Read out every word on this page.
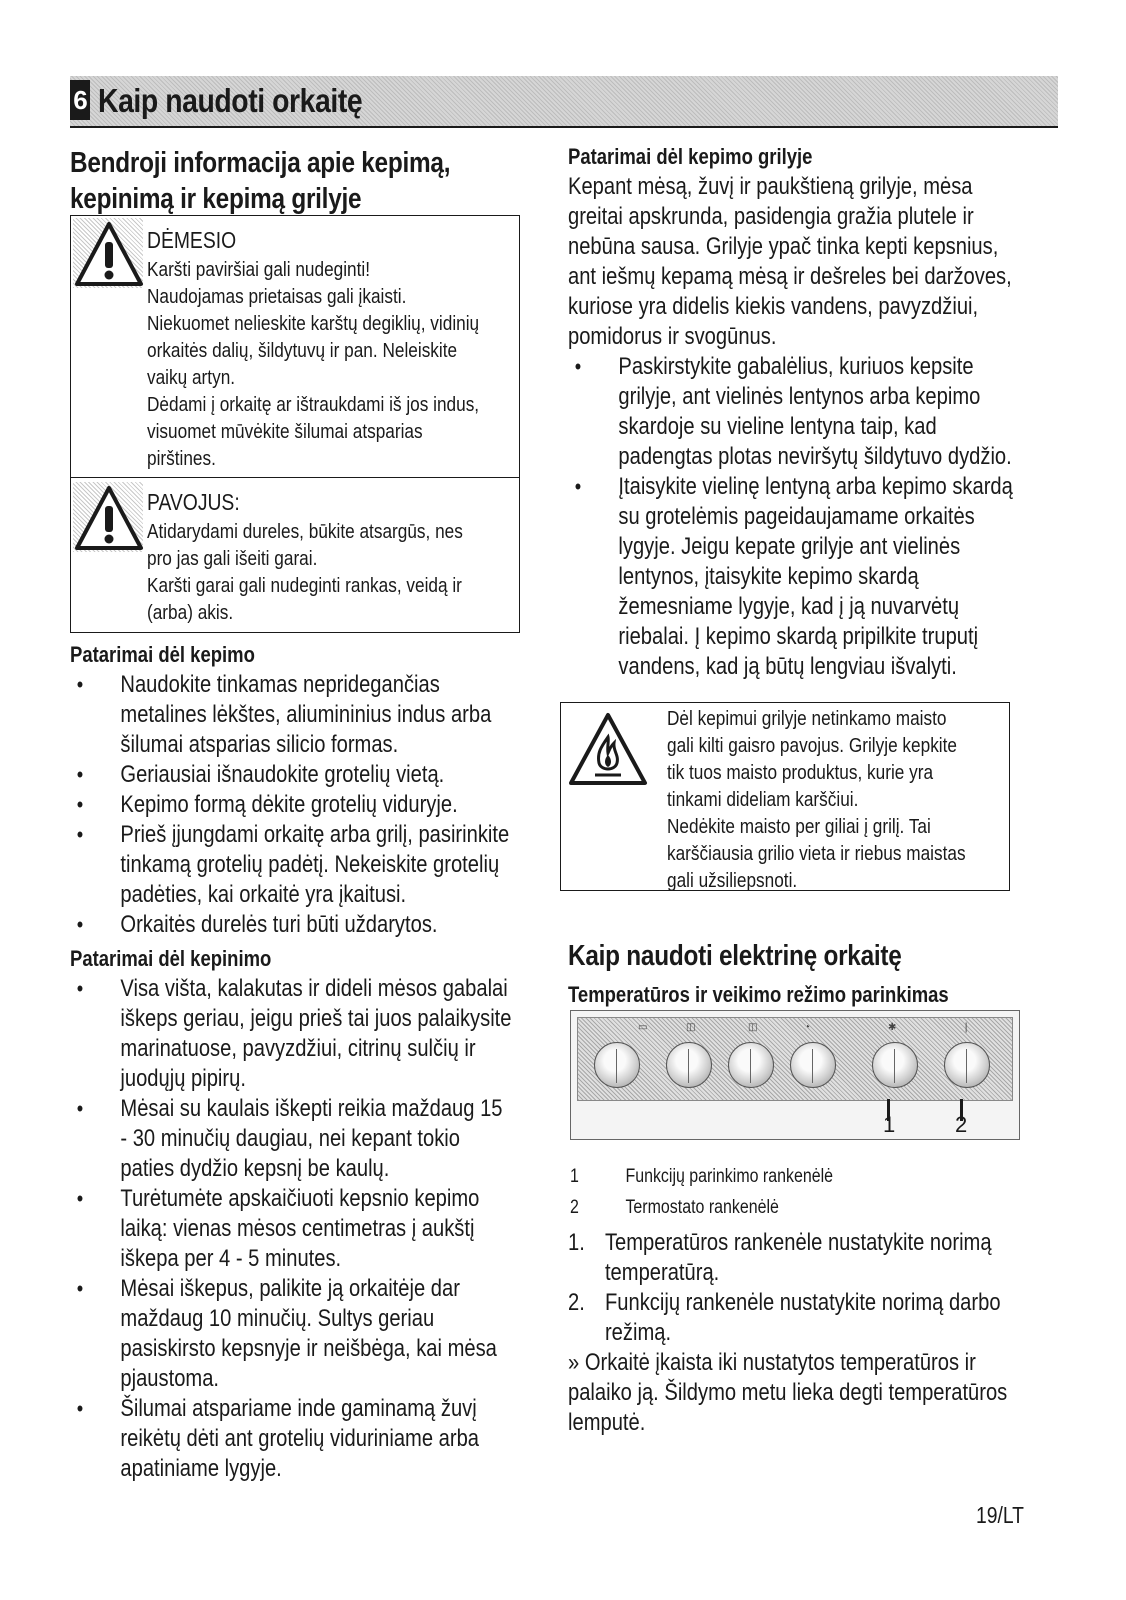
6 Kaip naudoti orkaitę
Bendroji informacija apie kepimą, kepinimą ir kepimą grilyje
DĖMESIO
Karšti paviršiai gali nudeginti!
Naudojamas prietaisas gali įkaisti.
Niekuomet nelieskite karštų degiklių, vidinių
orkaitės dalių, šildytuvų ir pan. Neleiskite
vaikų artyn.
Dėdami į orkaitę ar ištraukdami iš jos indus,
visuomet mūvėkite šilumai atsparias
pirštines.
PAVOJUS:
Atidarydami dureles, būkite atsargūs, nes
pro jas gali išeiti garai.
Karšti garai gali nudeginti rankas, veidą ir
(arba) akis.
Patarimai dėl kepimo
• Naudokite tinkamas nepridegančias
metalines lėkštes, aliumininius indus arba
šilumai atsparias silicio formas.
• Geriausiai išnaudokite grotelių vietą.
• Kepimo formą dėkite grotelių viduryje.
• Prieš įjungdami orkaitę arba grilį, pasirinkite
tinkamą grotelių padėtį. Nekeiskite grotelių
padėties, kai orkaitė yra įkaitusi.
• Orkaitės durelės turi būti uždarytos.
Patarimai dėl kepinimo
• Visa višta, kalakutas ir dideli mėsos gabalai
iškeps geriau, jeigu prieš tai juos palaikysite
marinatuose, pavyzdžiui, citrinų sulčių ir
juodųjų pipirų.
• Mėsai su kaulais iškepti reikia maždaug 15
- 30 minučių daugiau, nei kepant tokio
paties dydžio kepsnį be kaulų.
• Turėtumėte apskaičiuoti kepsnio kepimo
laiką: vienas mėsos centimetras į aukštį
iškepa per 4 - 5 minutes.
• Mėsai iškepus, palikite ją orkaitėje dar
maždaug 10 minučių. Sultys geriau
pasiskirsto kepsnyje ir neišbėga, kai mėsa
pjaustoma.
• Šilumai atspariame inde gaminamą žuvį
reikėtų dėti ant grotelių viduriniame arba
apatiniame lygyje.
Patarimai dėl kepimo grilyje
Kepant mėsą, žuvį ir paukštieną grilyje, mėsa
greitai apskrunda, pasidengia gražia plutele ir
nebūna sausa. Grilyje ypač tinka kepti kepsnius,
ant iešmų kepamą mėsą ir dešreles bei daržoves,
kuriose yra didelis kiekis vandens, pavyzdžiui,
pomidorus ir svogūnus.
• Paskirstykite gabalėlius, kuriuos kepsite
grilyje, ant vielinės lentynos arba kepimo
skardoje su vieline lentyna taip, kad
padengtas plotas neviršytų šildytuvo dydžio.
• Įtaisykite vielinę lentyną arba kepimo skardą
su grotelėmis pageidaujamame orkaitės
lygyje. Jeigu kepate grilyje ant vielinės
lentynos, įtaisykite kepimo skardą
žemesniame lygyje, kad į ją nuvarvėtų
riebalai. Į kepimo skardą pripilkite truputį
vandens, kad ją būtų lengviau išvalyti.
Dėl kepimui grilyje netinkamo maisto
gali kilti gaisro pavojus. Grilyje kepkite
tik tuos maisto produktus, kurie yra
tinkami dideliam karščiui.
Nedėkite maisto per giliai į grilį. Tai
karščiausia grilio vieta ir riebus maistas
gali užsiliepsnoti.
Kaip naudoti elektrinę orkaitę
Temperatūros ir veikimo režimo parinkimas
▭	◫	◫	◔	✱	❘
1	2
1 Funkcijų parinkimo rankenėlė
2 Termostato rankenėlė
1. Temperatūros rankenėle nustatykite norimą
temperatūrą.
2. Funkcijų rankenėle nustatykite norimą darbo
režimą.
» Orkaitė įkaista iki nustatytos temperatūros ir
palaiko ją. Šildymo metu lieka degti temperatūros
lemputė.
19/LT
